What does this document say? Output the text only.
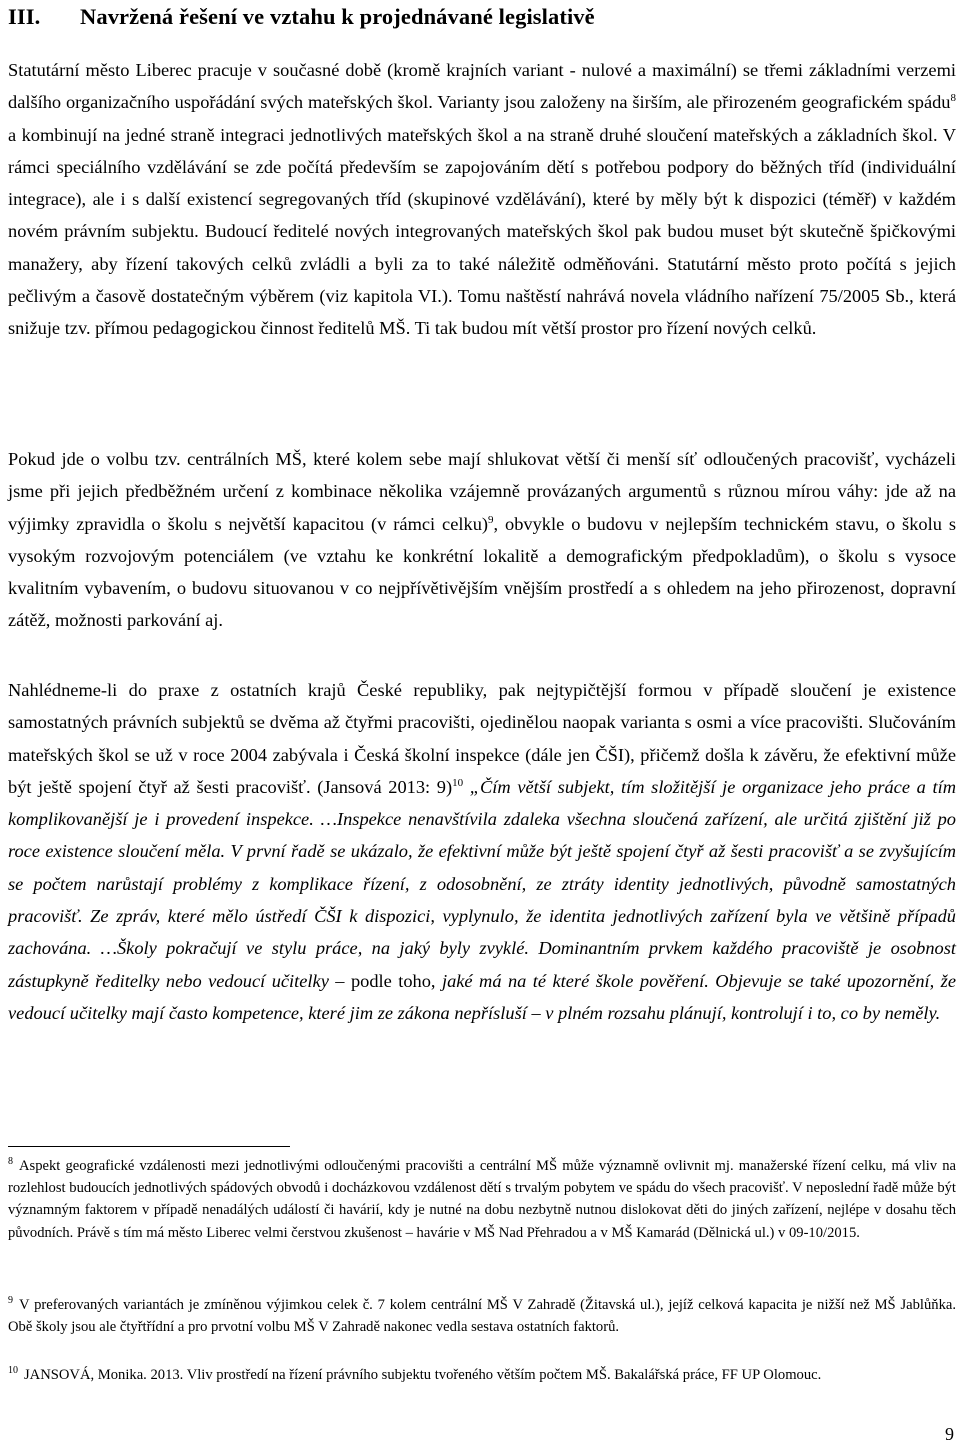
III. Navržená řešení ve vztahu k projednávané legislativě

Statutární město Liberec pracuje v současné době (kromě krajních variant - nulové a maximální) se třemi základními verzemi dalšího organizačního uspořádání svých mateřských škol. Varianty jsou založeny na širším, ale přirozeném geografickém spádu$^8$ a kombinují na jedné straně integraci jednotlivých mateřských škol a na straně druhé sloučení mateřských a základních škol. V rámci speciálního vzdělávání se zde počítá především se zapojováním dětí s potřebou podpory do běžných tříd (individuální integrace), ale i s další existencí segregovaných tříd (skupinové vzdělávání), které by měly být k dispozici (téměř) v každém novém právním subjektu. Budoucí ředitelé nových integrovaných mateřských škol pak budou muset být skutečně špičkovými manažery, aby řízení takových celků zvládli a byli za to také náležitě odměňováni. Statutární město proto počítá s jejich pečlivým a časově dostatečným výběrem (viz kapitola VI.). Tomu naštěstí nahrává novela vládního nařízení 75/2005 Sb., která snižuje tzv. přímou pedagogickou činnost ředitelů MŠ. Ti tak budou mít větší prostor pro řízení nových celků.

Pokud jde o volbu tzv. centrálních MŠ, které kolem sebe mají shlukovat větší či menší síť odloučených pracovišť, vycházeli jsme při jejich předběžném určení z kombinace několika vzájemně provázaných argumentů s různou mírou váhy: jde až na výjimky zpravidla o školu s největší kapacitou (v rámci celku)$^9$, obvykle o budovu v nejlepším technickém stavu, o školu s vysokým rozvojovým potenciálem (ve vztahu ke konkrétní lokalitě a demografickým předpokladům), o školu s vysoce kvalitním vybavením, o budovu situovanou v co nejpřívětivějším vnějším prostředí a s ohledem na jeho přirozenost, dopravní zátěž, možnosti parkování aj.

Nahlédneme-li do praxe z ostatních krajů České republiky, pak nejtypičtější formou v případě sloučení je existence samostatných právních subjektů se dvěma až čtyřmi pracovišti, ojedinělou naopak varianta s osmi a více pracovišti. Slučováním mateřských škol se už v roce 2004 zabývala i Česká školní inspekce (dále jen ČŠI), přičemž došla k závěru, že efektivní může být ještě spojení čtyř až šesti pracovišť. (Jansová 2013: 9)$^{10}$ „Čím větší subjekt, tím složitější je organizace jeho práce a tím komplikovanější je i provedení inspekce. …Inspekce nenavštívila zdaleka všechna sloučená zařízení, ale určitá zjištění již po roce existence sloučení měla. V první řadě se ukázalo, že efektivní může být ještě spojení čtyř až šesti pracovišť a se zvyšujícím se počtem narůstají problémy z komplikace řízení, z odosobnění, ze ztráty identity jednotlivých, původně samostatných pracovišť. Ze zpráv, které mělo ústředí ČŠI k dispozici, vyplynulo, že identita jednotlivých zařízení byla ve většině případů zachována. …Školy pokračují ve stylu práce, na jaký byly zvyklé. Dominantním prvkem každého pracoviště je osobnost zástupkyně ředitelky nebo vedoucí učitelky – podle toho, jaké má na té které škole pověření. Objevuje se také upozornění, že vedoucí učitelky mají často kompetence, které jim ze zákona nepřísluší – v plném rozsahu plánují, kontrolují i to, co by neměly.

$^8$ Aspekt geografické vzdálenosti mezi jednotlivými odloučenými pracovišti a centrální MŠ může významně ovlivnit mj. manažerské řízení celku, má vliv na rozlehlost budoucích jednotlivých spádových obvodů i docházkovou vzdálenost dětí s trvalým pobytem ve spádu do všech pracovišť. V neposlední řadě může být významným faktorem v případě nenadálých událostí či havárií, kdy je nutné na dobu nezbytně nutnou dislokovat děti do jiných zařízení, nejlépe v dosahu těch původních. Právě s tím má město Liberec velmi čerstvou zkušenost – havárie v MŠ Nad Přehradou a v MŠ Kamarád (Dělnická ul.) v 09-10/2015.

$^9$ V preferovaných variantách je zmíněnou výjimkou celek č. 7 kolem centrální MŠ V Zahradě (Žitavská ul.), jejíž celková kapacita je nižší než MŠ Jablůňka. Obě školy jsou ale čtyřtřídní a pro prvotní volbu MŠ V Zahradě nakonec vedla sestava ostatních faktorů.

$^{10}$ JANSOVÁ, Monika. 2013. Vliv prostředí na řízení právního subjektu tvořeného větším počtem MŠ. Bakalářská práce, FF UP Olomouc.

9
